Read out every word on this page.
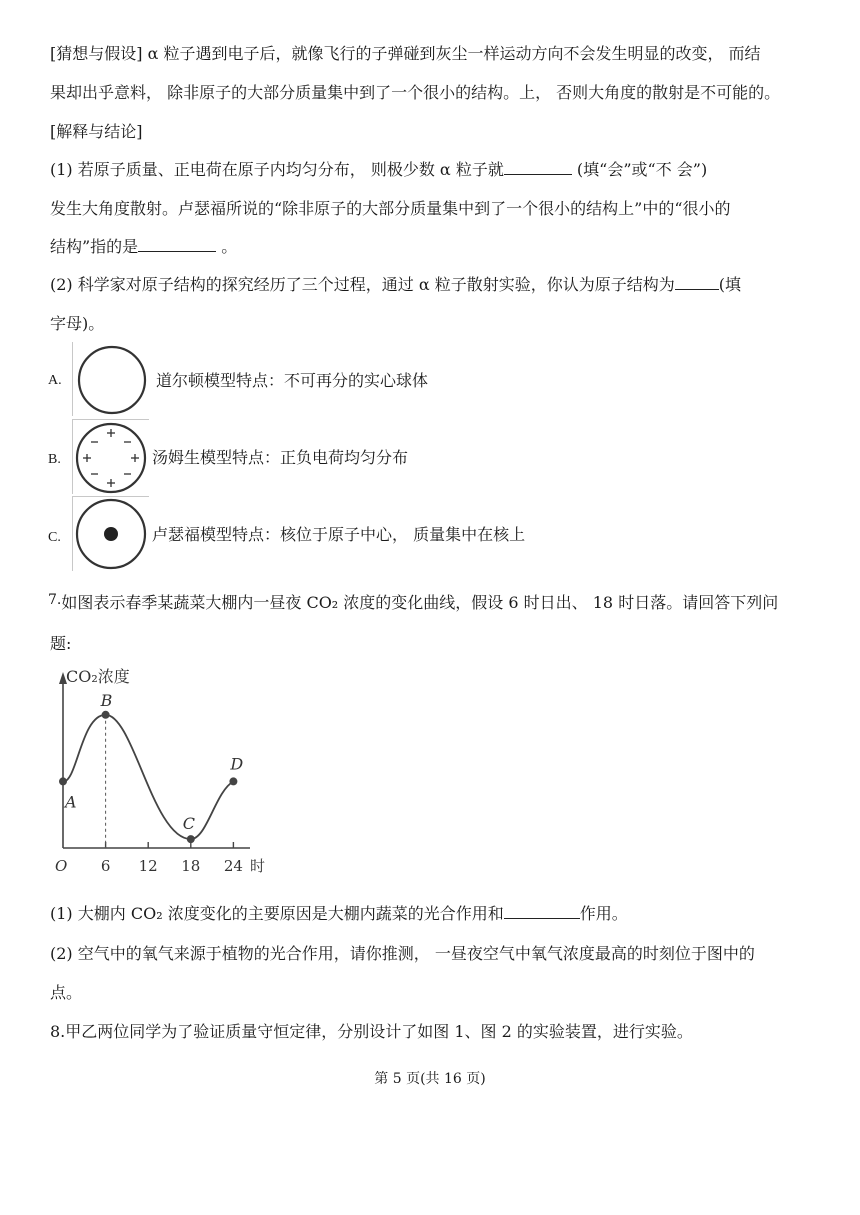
[猜想与假设] α 粒子遇到电子后，就像飞行的子弹碰到灰尘一样运动方向不会发生明显的改变， 而结
果却出乎意料， 除非原子的大部分质量集中到了一个很小的结构。上， 否则大角度的散射是不可能的。
[解释与结论]
(1) 若原子质量、正电荷在原子内均匀分布， 则极少数 α 粒子就	(填“会”或“不 会”)
发生大角度散射。卢瑟福所说的“除非原子的大部分质量集中到了一个很小的结构上”中的“很小的
结构”指的是	。
(2) 科学家对原子结构的探究经历了三个过程，通过 α 粒子散射实验，你认为原子结构为	(填
字母)。
A.	道尔顿模型特点：不可再分的实心球体
B.	汤姆生模型特点：正负电荷均匀分布
C.	卢瑟福模型特点：核位于原子中心， 质量集中在核上
7.如图表示春季某蔬菜大棚内一昼夜 CO₂ 浓度的变化曲线，假设 6 时日出、 18 时日落。请回答下列问
题:
CO₂浓度
O	时
6 12 18 24
A
B
C
D
(1) 大棚内 CO₂ 浓度变化的主要原因是大棚内蔬菜的光合作用和	作用。
(2) 空气中的氧气来源于植物的光合作用，请你推测， 一昼夜空气中氧气浓度最高的时刻位于图中的
点。
8.甲乙两位同学为了验证质量守恒定律，分别设计了如图 1、图 2 的实验装置，进行实验。
第 5 页(共 16 页)
